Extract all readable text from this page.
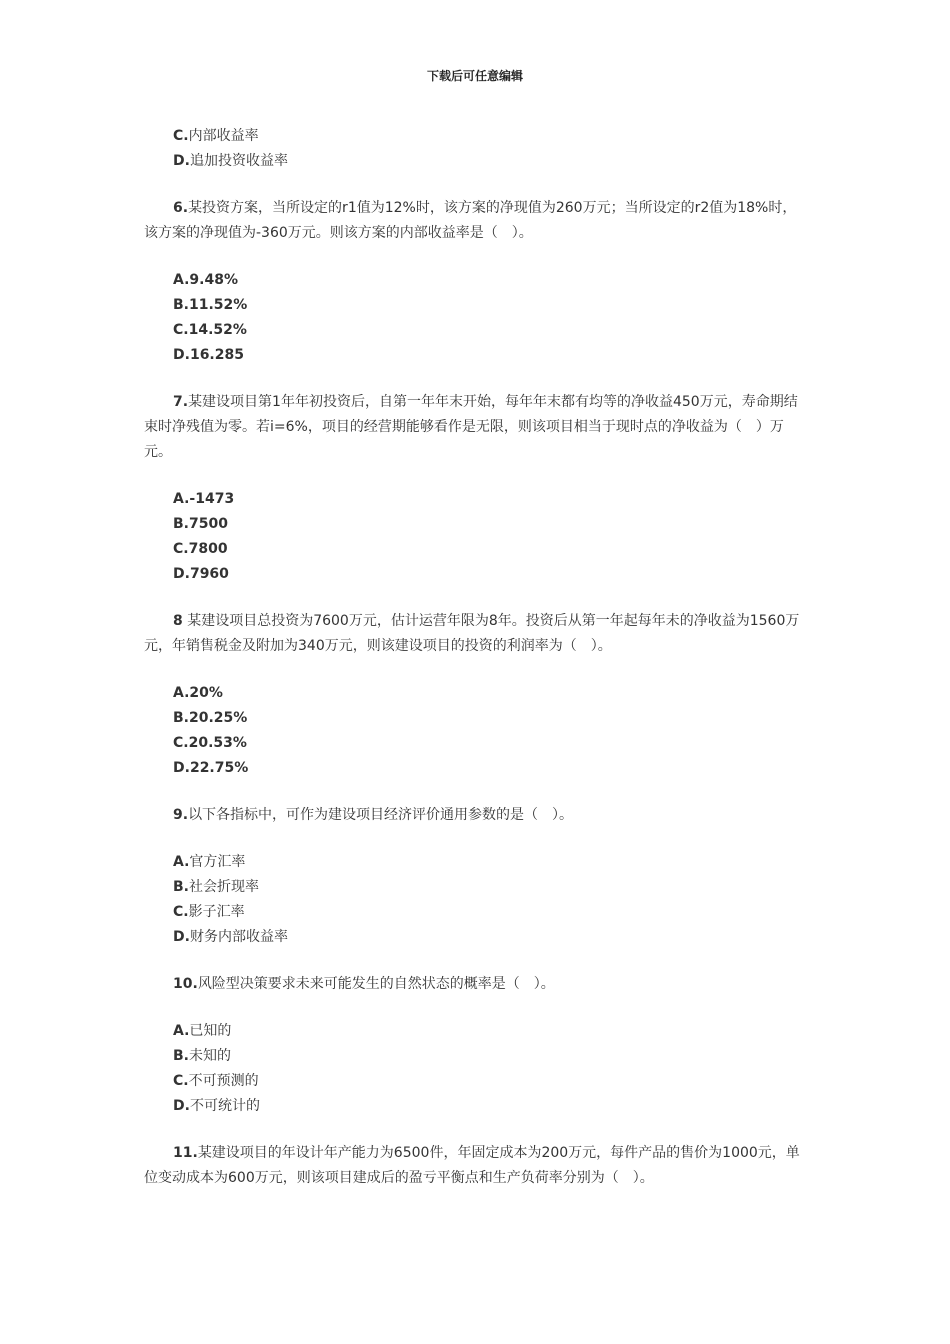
下载后可任意编辑

C.内部收益率

D.追加投资收益率

6.某投资方案，当所设定的r1值为12%时，该方案的净现值为260万元；当所设定的r2值为18%时，该方案的净现值为-360万元。则该方案的内部收益率是（　）。

A.9.48%

B.11.52%

C.14.52%

D.16.285

7.某建设项目第1年年初投资后，自第一年年末开始，每年年末都有均等的净收益450万元，寿命期结束时净残值为零。若i=6%，项目的经营期能够看作是无限，则该项目相当于现时点的净收益为（　）万元。

A.-1473

B.7500

C.7800

D.7960

8 某建设项目总投资为7600万元，估计运营年限为8年。投资后从第一年起每年未的净收益为1560万元，年销售税金及附加为340万元，则该建设项目的投资的利润率为（　）。

A.20%

B.20.25%

C.20.53%

D.22.75%

9.以下各指标中，可作为建设项目经济评价通用参数的是（　）。

A.官方汇率

B.社会折现率

C.影子汇率

D.财务内部收益率

10.风险型决策要求未来可能发生的自然状态的概率是（　）。

A.已知的

B.未知的

C.不可预测的

D.不可统计的

11.某建设项目的年设计年产能力为6500件，年固定成本为200万元，每件产品的售价为1000元，单位变动成本为600万元，则该项目建成后的盈亏平衡点和生产负荷率分别为（　）。
